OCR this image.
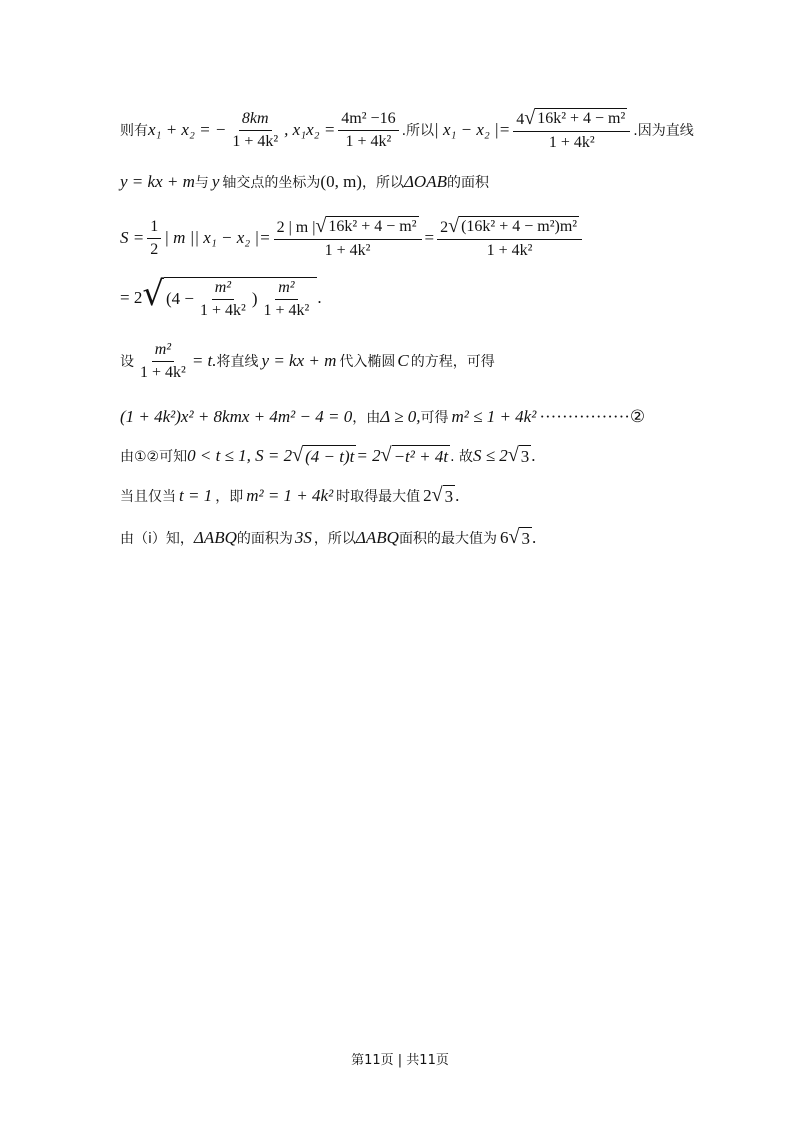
则有 x₁ + x₂ = − $\frac{8km}{\text{1 + 4k²}}$ , $x_1x_2 = \frac{\text{4m² −16}}{\text{1 + 4k²}}$ .所以 | x₁ − x₂ |= $\frac{\text{4 √ 16k² + 4 − m²}}{\text{1 + 4k²}}$ .因为直线
y = kx + m 与 y 轴交点的坐标为 (0, m) ，所以 ΔOAB 的面积
$S = \frac{1}{2}$ | m || x₁ − x₂ |= $\frac{\text{2 | m | √ 16k² + 4 − m²}}{\text{1 + 4k²}} = \frac{\text{2 √ (16k² + 4 − m²)m²}}{\text{1 + 4k²}}$
= 2 √ ($4 - \frac{\text{m²}}{\text{1 + 4k²}}$ ) $\frac{\text{m²}}{\text{1 + 4k²}}$ .
设 $\frac{\text{m²}}{\text{1 + 4k²}} = t$. 将直线 y = kx + m 代入椭圆 C 的方程，可得
(1 + 4k²)x² + 8kmx + 4m² − 4 = 0 ，由 Δ ≥ 0, 可得 m² ≤ 1 + 4k² ················②
由①②可知 0 < t ≤ 1, S = 2 √ (4 − t)t = 2 √ −t² + 4t . 故 S ≤ 2 √ 3 .
当且仅当 t = 1 ，即 m² = 1 + 4k² 时取得最大值 2 √ 3 .
由（i）知， ΔABQ 的面积为 3S ，所以 ΔABQ 面积的最大值为 6 √ 3 .
第11页 | 共11页
